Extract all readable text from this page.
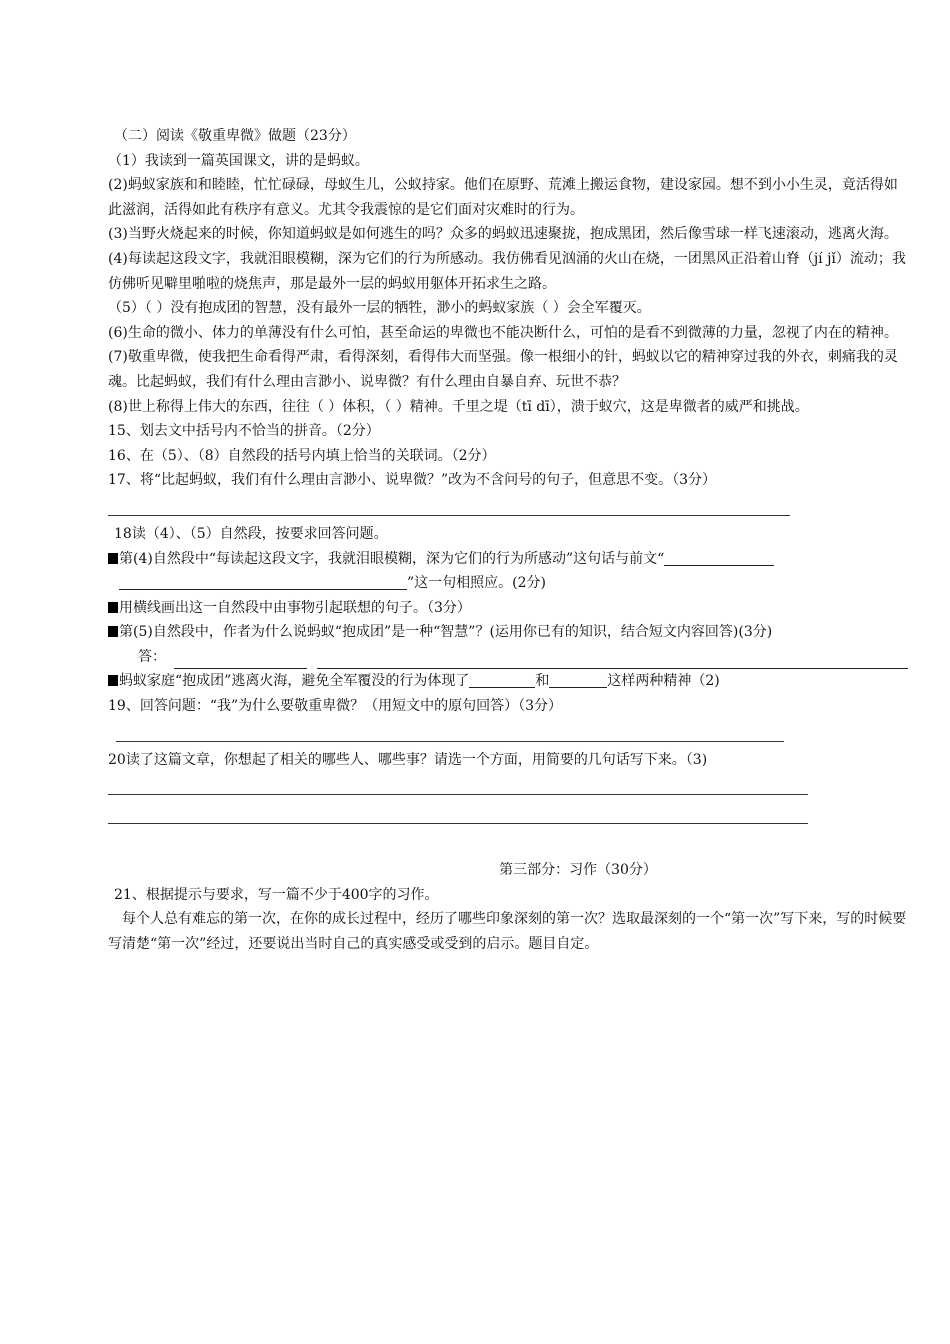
（二）阅读《敬重卑微》做题（23分）
（1）我读到一篇英国课文，讲的是蚂蚁。
(2)蚂蚁家族和和睦睦，忙忙碌碌，母蚁生儿，公蚁持家。他们在原野、荒滩上搬运食物，建设家园。想不到小小生灵，竟活得如此滋润，活得如此有秩序有意义。尤其令我震惊的是它们面对灾难时的行为。
(3)当野火烧起来的时候，你知道蚂蚁是如何逃生的吗？众多的蚂蚁迅速聚拢，抱成黑团，然后像雪球一样飞速滚动，逃离火海。
(4)每读起这段文字，我就泪眼模糊，深为它们的行为所感动。我仿佛看见汹涌的火山在烧，一团黑风正沿着山脊（jí jǐ）流动；我仿佛听见噼里啪啦的烧焦声，那是最外一层的蚂蚁用躯体开拓求生之路。
（5）（ ）没有抱成团的智慧，没有最外一层的牺牲，渺小的蚂蚁家族（ ）会全军覆灭。
(6)生命的微小、体力的单薄没有什么可怕，甚至命运的卑微也不能决断什么，可怕的是看不到微薄的力量，忽视了内在的精神。
(7)敬重卑微，使我把生命看得严肃，看得深刻，看得伟大而坚强。像一根细小的针，蚂蚁以它的精神穿过我的外衣，刺痛我的灵魂。比起蚂蚁，我们有什么理由言渺小、说卑微？有什么理由自暴自弃、玩世不恭？
(8)世上称得上伟大的东西，往往（ ）体积，（ ）精神。千里之堤（tī dī），溃于蚁穴，这是卑微者的威严和挑战。
15、划去文中括号内不恰当的拼音。（2分）
16、在（5）、（8）自然段的括号内填上恰当的关联词。（2分）
17、将“比起蚂蚁，我们有什么理由言渺小、说卑微？”改为不含问号的句子，但意思不变。（3分）
18读（4）、（5）自然段，按要求回答问题。
第(4)自然段中“每读起这段文字，我就泪眼模糊，深为它们的行为所感动”这句话与前文“”这一句相照应。(2分)
用横线画出这一自然段中由事物引起联想的句子。（3分）
第(5)自然段中，作者为什么说蚂蚁“抱成团”是一种“智慧”？(运用你已有的知识，结合短文内容回答)(3分)
答：
蚂蚁家庭“抱成团”逃离火海，避免全军覆没的行为体现了	和	这样两种精神（2)
19、回答问题：“我”为什么要敬重卑微？（用短文中的原句回答）（3分）
20读了这篇文章，你想起了相关的哪些人、哪些事？请选一个方面，用简要的几句话写下来。（3)
第三部分：习作（30分）
21、根据提示与要求，写一篇不少于400字的习作。
每个人总有难忘的第一次，在你的成长过程中，经历了哪些印象深刻的第一次？选取最深刻的一个“第一次”写下来，写的时候要写清楚“第一次”经过，还要说出当时自己的真实感受或受到的启示。题目自定。
